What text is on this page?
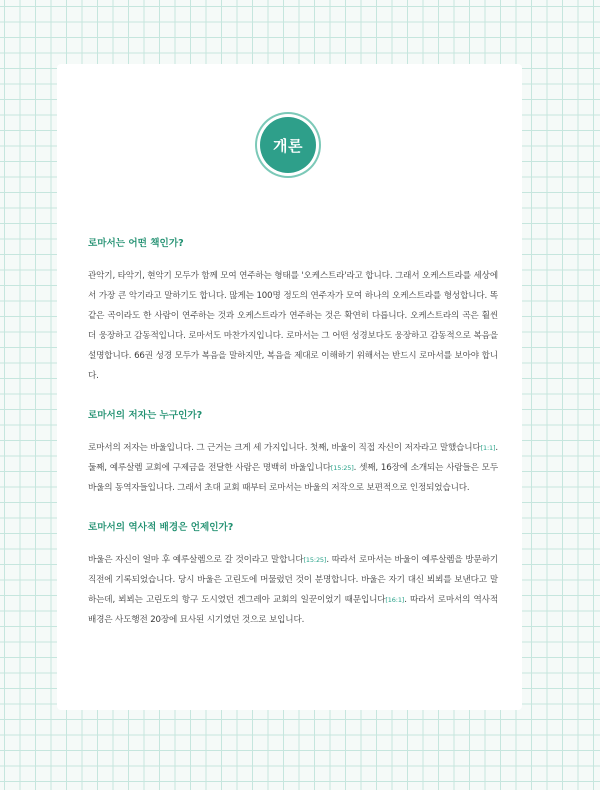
개론
로마서는 어떤 책인가?

관악기, 타악기, 현악기 모두가 함께 모여 연주하는 형태를 '오케스트라'라고 합니다. 그래서 오케스트라를 세상에서 가장 큰 악기라고 말하기도 합니다. 많게는 100명 정도의 연주자가 모여 하나의 오케스트라를 형성합니다. 똑같은 곡이라도 한 사람이 연주하는 것과 오케스트라가 연주하는 것은 확연히 다릅니다. 오케스트라의 곡은 훨씬 더 웅장하고 감동적입니다. 로마서도 마찬가지입니다. 로마서는 그 어떤 성경보다도 웅장하고 감동적으로 복음을 설명합니다. 66권 성경 모두가 복음을 말하지만, 복음을 제대로 이해하기 위해서는 반드시 로마서를 보아야 합니다.

로마서의 저자는 누구인가?

로마서의 저자는 바울입니다. 그 근거는 크게 세 가지입니다. 첫째, 바울이 직접 자신이 저자라고 말했습니다[1:1]. 둘째, 예루살렘 교회에 구제금을 전달한 사람은 명백히 바울입니다[15:25]. 셋째, 16장에 소개되는 사람들은 모두 바울의 동역자들입니다. 그래서 초대 교회 때부터 로마서는 바울의 저작으로 보편적으로 인정되었습니다.

로마서의 역사적 배경은 언제인가?

바울은 자신이 얼마 후 예루살렘으로 갈 것이라고 말합니다[15:25]. 따라서 로마서는 바울이 예루살렘을 방문하기 직전에 기록되었습니다. 당시 바울은 고린도에 머물렀던 것이 분명합니다. 바울은 자기 대신 뵈뵈를 보낸다고 말하는데, 뵈뵈는 고린도의 항구 도시였던 겐그레아 교회의 일꾼이었기 때문입니다[16:1]. 따라서 로마서의 역사적 배경은 사도행전 20장에 묘사된 시기였던 것으로 보입니다.
